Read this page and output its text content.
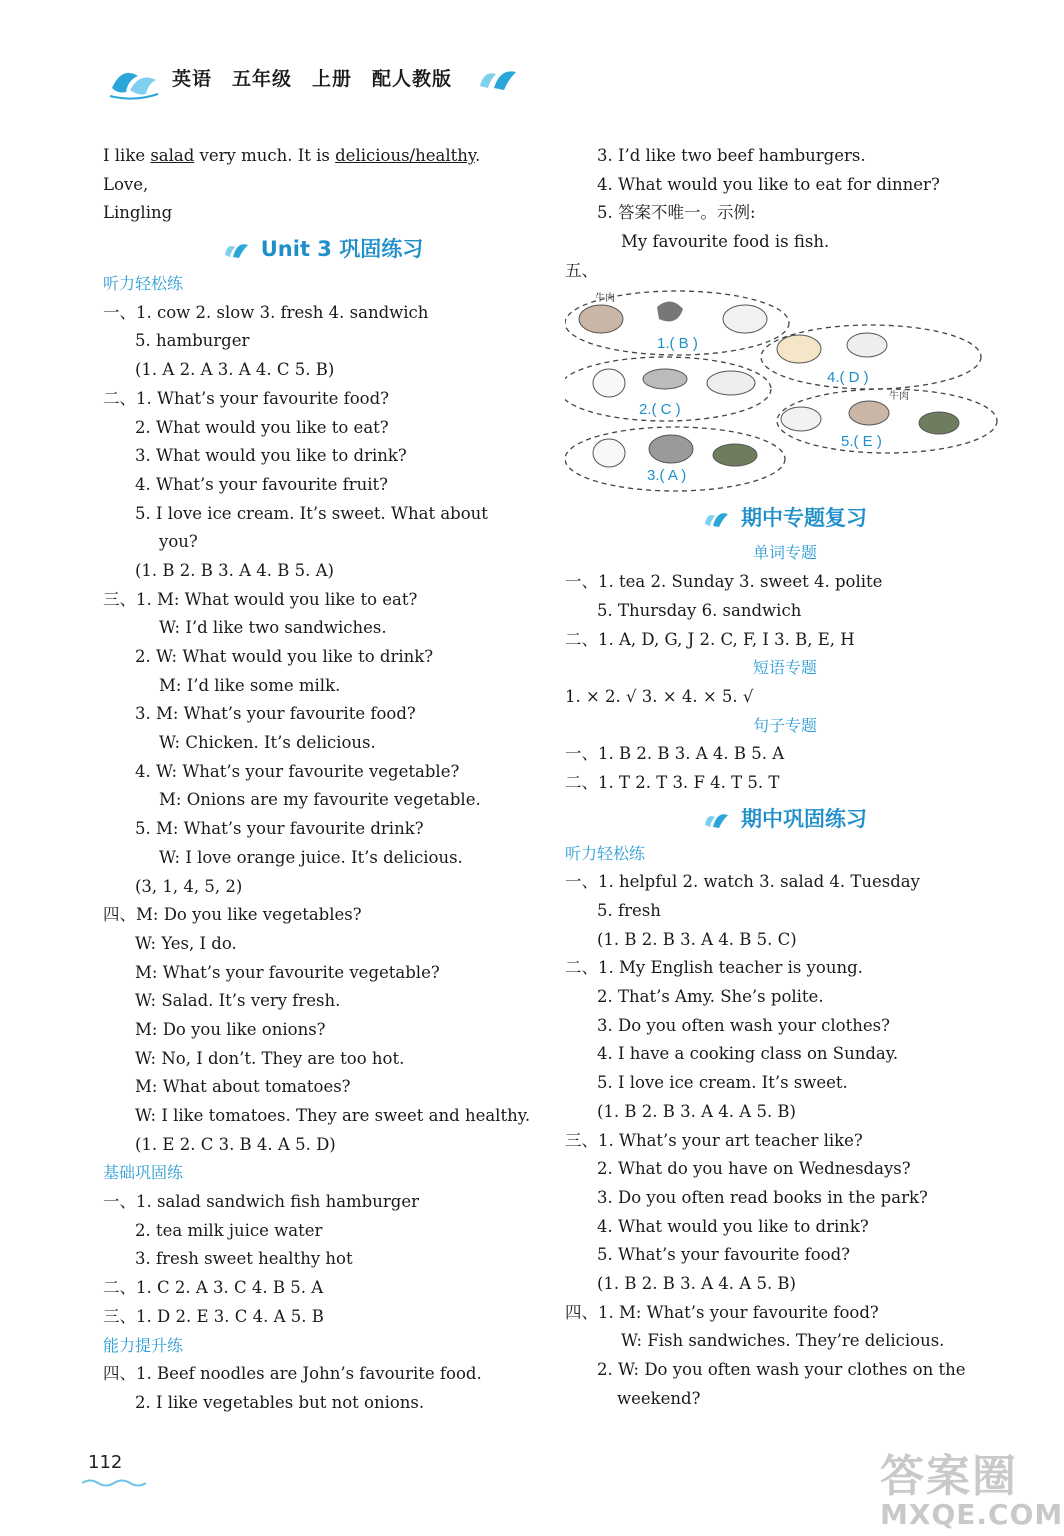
英语 五年级 上册 配人教版
I like salad very much. It is delicious/healthy.
Love,
Lingling
Unit 3 巩固练习
听力轻松练
一、1. cow 2. slow 3. fresh 4. sandwich
5. hamburger
(1. A 2. A 3. A 4. C 5. B)
二、1. What’s your favourite food?
2. What would you like to eat?
3. What would you like to drink?
4. What’s your favourite fruit?
5. I love ice cream. It’s sweet. What about
you?
(1. B 2. B 3. A 4. B 5. A)
三、1. M: What would you like to eat?
W: I’d like two sandwiches.
2. W: What would you like to drink?
M: I’d like some milk.
3. M: What’s your favourite food?
W: Chicken. It’s delicious.
4. W: What’s your favourite vegetable?
M: Onions are my favourite vegetable.
5. M: What’s your favourite drink?
W: I love orange juice. It’s delicious.
(3, 1, 4, 5, 2)
四、M: Do you like vegetables?
W: Yes, I do.
M: What’s your favourite vegetable?
W: Salad. It’s very fresh.
M: Do you like onions?
W: No, I don’t. They are too hot.
M: What about tomatoes?
W: I like tomatoes. They are sweet and healthy.
(1. E 2. C 3. B 4. A 5. D)
基础巩固练
一、1. salad sandwich fish hamburger
2. tea milk juice water
3. fresh sweet healthy hot
二、1. C 2. A 3. C 4. B 5. A
三、1. D 2. E 3. C 4. A 5. B
能力提升练
四、1. Beef noodles are John’s favourite food.
2. I like vegetables but not onions.
3. I’d like two beef hamburgers.
4. What would you like to eat for dinner?
5. 答案不唯一。示例:
My favourite food is fish.
五、
牛肉
牛肉
1.( B )
4.( D )
2.( C )
5.( E )
3.( A )
期中专题复习
单词专题
一、1. tea 2. Sunday 3. sweet 4. polite
5. Thursday 6. sandwich
二、1. A, D, G, J 2. C, F, I 3. B, E, H
短语专题
1. × 2. √ 3. × 4. × 5. √
句子专题
一、1. B 2. B 3. A 4. B 5. A
二、1. T 2. T 3. F 4. T 5. T
期中巩固练习
听力轻松练
一、1. helpful 2. watch 3. salad 4. Tuesday
5. fresh
(1. B 2. B 3. A 4. B 5. C)
二、1. My English teacher is young.
2. That’s Amy. She’s polite.
3. Do you often wash your clothes?
4. I have a cooking class on Sunday.
5. I love ice cream. It’s sweet.
(1. B 2. B 3. A 4. A 5. B)
三、1. What’s your art teacher like?
2. What do you have on Wednesdays?
3. Do you often read books in the park?
4. What would you like to drink?
5. What’s your favourite food?
(1. B 2. B 3. A 4. A 5. B)
四、1. M: What’s your favourite food?
W: Fish sandwiches. They’re delicious.
2. W: Do you often wash your clothes on the
weekend?
112	答案圈
MXQE.COM
